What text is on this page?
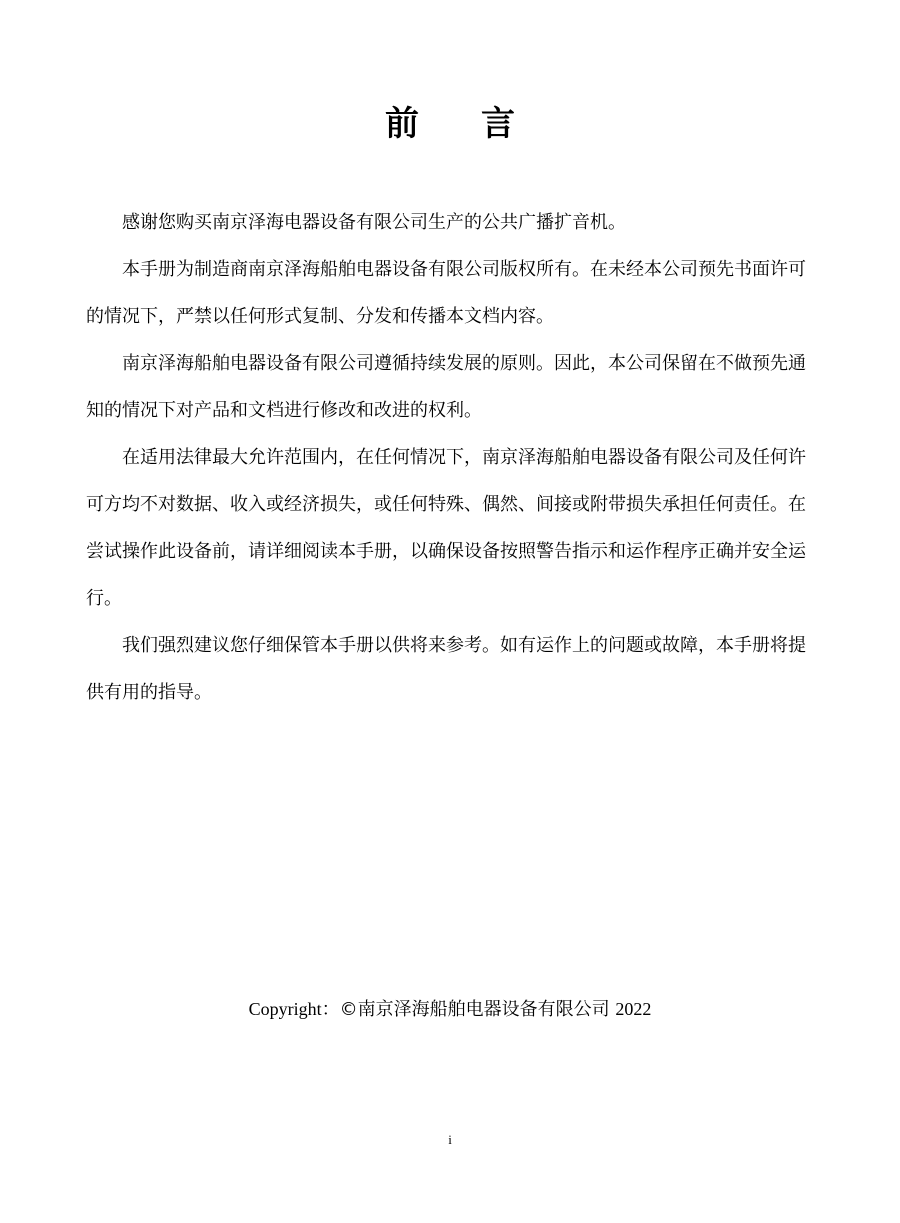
前言

感谢您购买南京泽海电器设备有限公司生产的公共广播扩音机。

本手册为制造商南京泽海船舶电器设备有限公司版权所有。在未经本公司预先书面许可的情况下，严禁以任何形式复制、分发和传播本文档内容。

南京泽海船舶电器设备有限公司遵循持续发展的原则。因此，本公司保留在不做预先通知的情况下对产品和文档进行修改和改进的权利。

在适用法律最大允许范围内，在任何情况下，南京泽海船舶电器设备有限公司及任何许可方均不对数据、收入或经济损失，或任何特殊、偶然、间接或附带损失承担任何责任。在尝试操作此设备前，请详细阅读本手册，以确保设备按照警告指示和运作程序正确并安全运行。

我们强烈建议您仔细保管本手册以供将来参考。如有运作上的问题或故障，本手册将提供有用的指导。

Copyright：©南京泽海船舶电器设备有限公司 2022
i
